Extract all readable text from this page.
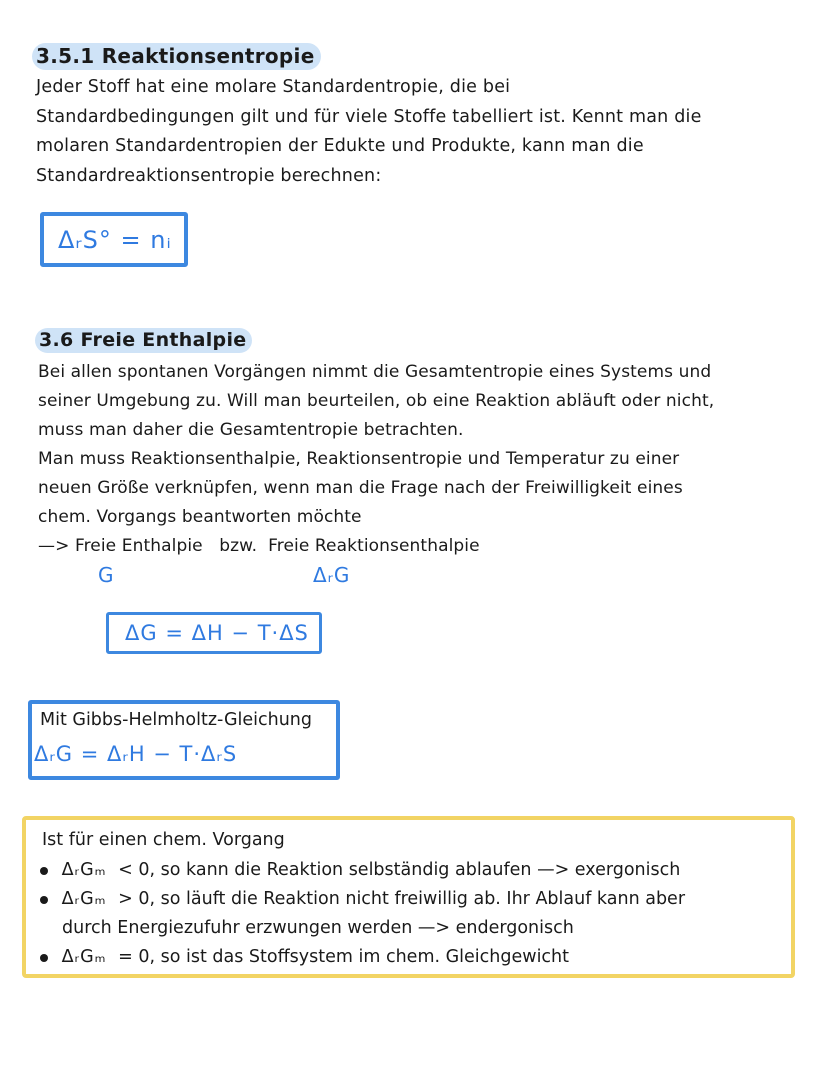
3.5.1 Reaktionsentropie
Jeder Stoff hat eine molare Standardentropie, die bei
Standardbedingungen gilt und für viele Stoffe tabelliert ist. Kennt man die
molaren Standardentropien der Edukte und Produkte, kann man die
Standardreaktionsentropie berechnen:
ΔᵣS° = nᵢ
3.6 Freie Enthalpie
Bei allen spontanen Vorgängen nimmt die Gesamtentropie eines Systems und
seiner Umgebung zu. Will man beurteilen, ob eine Reaktion abläuft oder nicht,
muss man daher die Gesamtentropie betrachten.
Man muss Reaktionsenthalpie, Reaktionsentropie und Temperatur zu einer
neuen Größe verknüpfen, wenn man die Frage nach der Freiwilligkeit eines
chem. Vorgangs beantworten möchte
—> Freie Enthalpie   bzw.  Freie Reaktionsenthalpie
G	ΔᵣG
ΔG = ΔH − T·ΔS
Mit Gibbs-Helmholtz-Gleichung
ΔᵣG = ΔᵣH − T·ΔᵣS
Ist für einen chem. Vorgang
ΔᵣGₘ < 0, so kann die Reaktion selbständig ablaufen —> exergonisch
ΔᵣGₘ > 0, so läuft die Reaktion nicht freiwillig ab. Ihr Ablauf kann aber
durch Energiezufuhr erzwungen werden —> endergonisch
ΔᵣGₘ = 0, so ist das Stoffsystem im chem. Gleichgewicht
